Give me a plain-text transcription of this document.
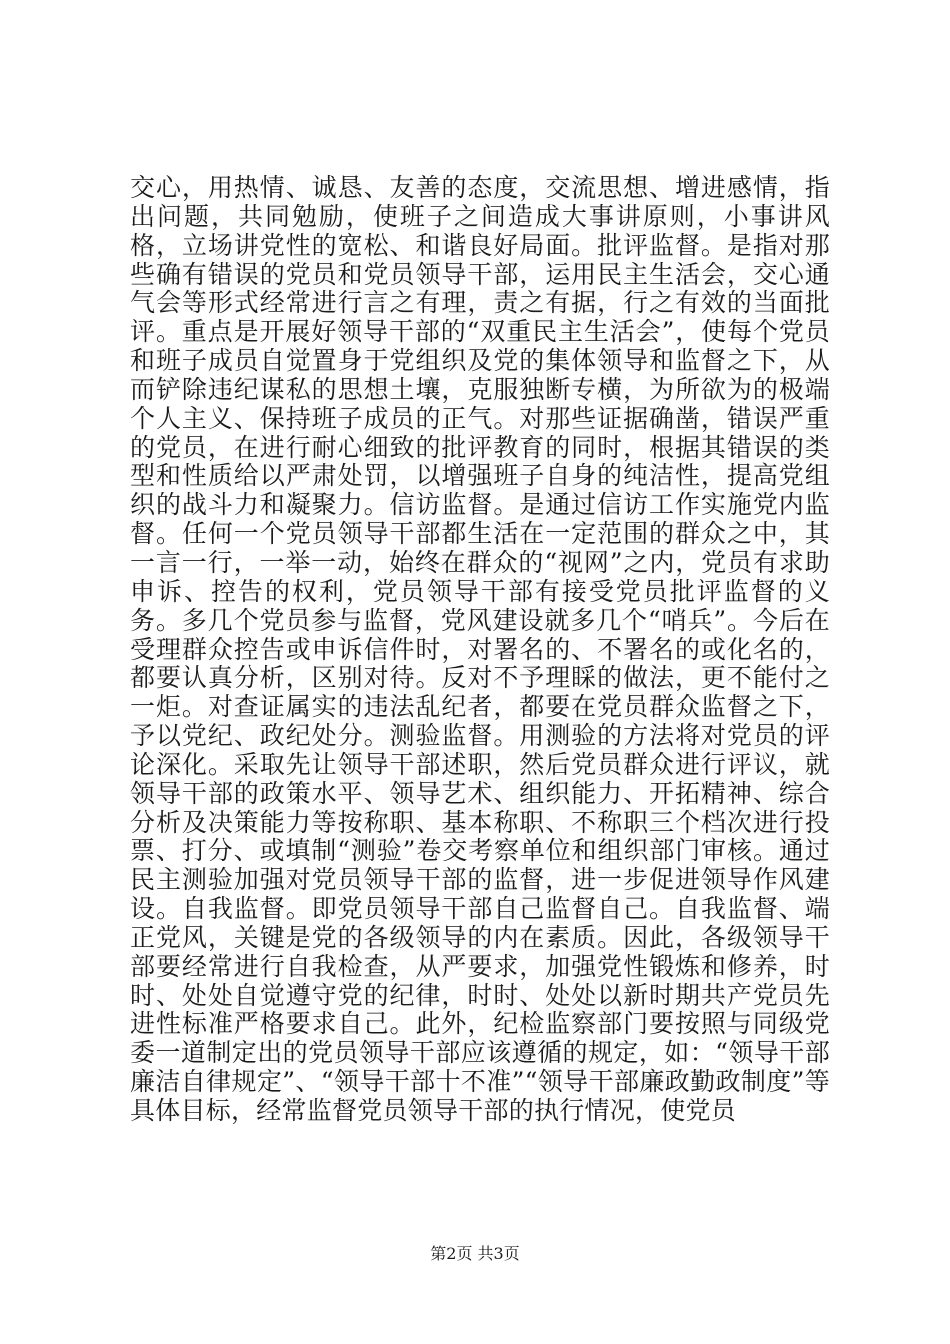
交心，用热情、诚恳、友善的态度，交流思想、增进感情，指出问题，共同勉励，使班子之间造成大事讲原则，小事讲风格，立场讲党性的宽松、和谐良好局面。批评监督。是指对那些确有错误的党员和党员领导干部，运用民主生活会，交心通气会等形式经常进行言之有理，责之有据，行之有效的当面批评。重点是开展好领导干部的“双重民主生活会”，使每个党员和班子成员自觉置身于党组织及党的集体领导和监督之下，从而铲除违纪谋私的思想土壤，克服独断专横，为所欲为的极端个人主义、保持班子成员的正气。对那些证据确凿，错误严重的党员，在进行耐心细致的批评教育的同时，根据其错误的类型和性质给以严肃处罚，以增强班子自身的纯洁性，提高党组织的战斗力和凝聚力。信访监督。是通过信访工作实施党内监督。任何一个党员领导干部都生活在一定范围的群众之中，其一言一行，一举一动，始终在群众的“视网”之内，党员有求助申诉、控告的权利，党员领导干部有接受党员批评监督的义务。多几个党员参与监督，党风建设就多几个“哨兵”。今后在受理群众控告或申诉信件时，对署名的、不署名的或化名的，都要认真分析，区别对待。反对不予理睬的做法，更不能付之一炬。对查证属实的违法乱纪者，都要在党员群众监督之下，予以党纪、政纪处分。测验监督。用测验的方法将对党员的评论深化。采取先让领导干部述职，然后党员群众进行评议，就领导干部的政策水平、领导艺术、组织能力、开拓精神、综合分析及决策能力等按称职、基本称职、不称职三个档次进行投票、打分、或填制“测验”卷交考察单位和组织部门审核。通过民主测验加强对党员领导干部的监督，进一步促进领导作风建设。自我监督。即党员领导干部自己监督自己。自我监督、端正党风，关键是党的各级领导的内在素质。因此，各级领导干部要经常进行自我检查，从严要求，加强党性锻炼和修养，时时、处处自觉遵守党的纪律，时时、处处以新时期共产党员先进性标准严格要求自己。此外，纪检监察部门要按照与同级党委一道制定出的党员领导干部应该遵循的规定，如：“领导干部廉洁自律规定”、“领导干部十不准”“领导干部廉政勤政制度”等具体目标，经常监督党员领导干部的执行情况，使党员

第2页 共3页
